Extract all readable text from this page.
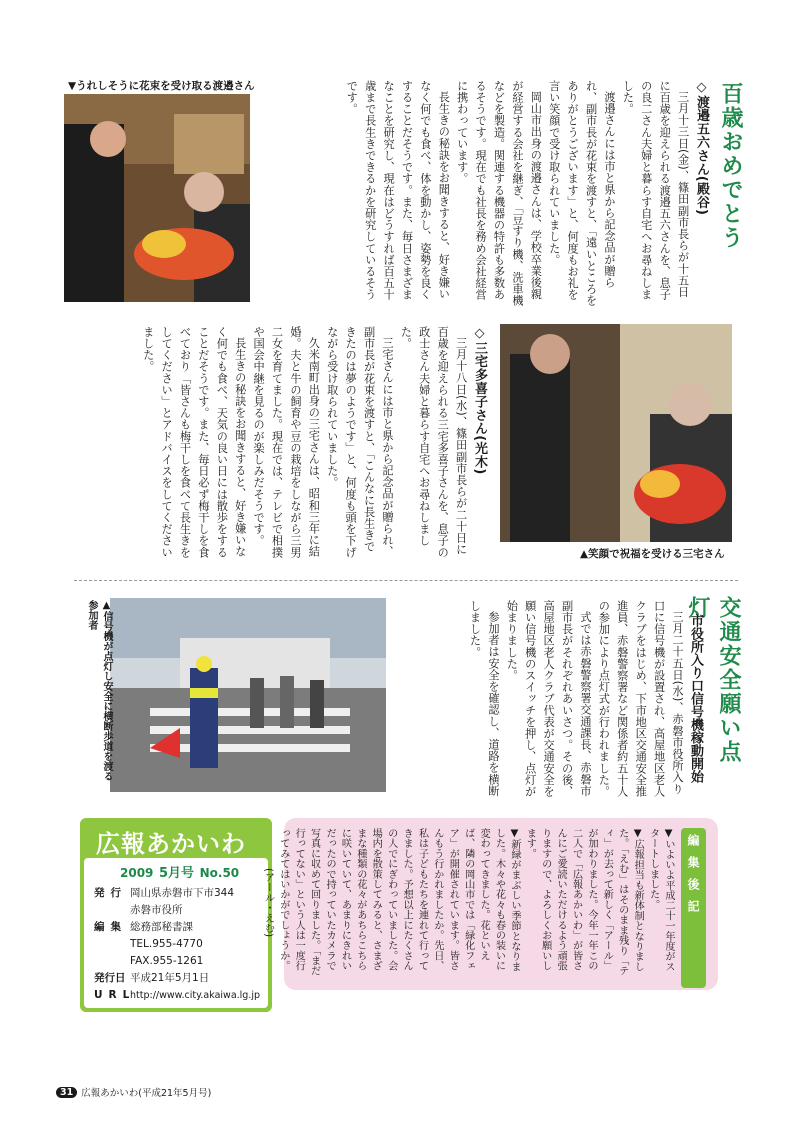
百歳おめでとう

◇渡邉五六さん(殿谷)

三月十三日(金)、篠田副市長らが十五日に百歳を迎えられる渡邉五六さんを、息子の良二さん夫婦と暮らす自宅へお尋ねしました。

渡邉さんには市と県から記念品が贈られ、副市長が花束を渡すと、「遠いところをありがとうございます」と、何度もお礼を言い笑顔で受け取られていました。

岡山市出身の渡邉さんは、学校卒業後親が経営する会社を継ぎ、「豆すり機、洗車機などを製造。関連する機器の特許も多数あるそうです。現在でも社長を務め会社経営に携わっています。

長生きの秘訣をお聞きすると、好き嫌いなく何でも食べ、体を動かし、姿勢を良くすることだそうです。また、毎日さまざまなことを研究し、現在はどうすれば百五十歳まで長生きできるかを研究しているそうです。

▼うれしそうに花束を受け取る渡邉さん
▲笑顔で祝福を受ける三宅さん

◇三宅多喜子さん(光木)

三月十八日(水)、篠田副市長らが二十日に百歳を迎えられる三宅多喜子さんを、息子の政士さん夫婦と暮らす自宅へお尋ねしました。

三宅さんには市と県から記念品が贈られ、副市長が花束を渡すと、「こんなに長生きできたのは夢のようです」と、何度も頭を下げながら受け取られていました。

久米南町出身の三宅さんは、昭和三年に結婚。夫と牛の飼育や豆の栽培をしながら三男二女を育てました。現在では、テレビで相撲や国会中継を見るのが楽しみだそうです。

長生きの秘訣をお聞きすると、好き嫌いなく何でも食べ、天気の良い日には散歩をすることだそうです。また、毎日必ず梅干しを食べており「皆さんも梅干しを食べて長生きをしてください」とアドバイスをしてくださいました。

交通安全願い点灯
市役所入り口信号機稼動開始

三月二十五日(水)、赤磐市役所入り口に信号機が設置され、高屋地区老人クラブをはじめ、下市地区交通安全推進員、赤磐警察署など関係者約五十人の参加により点灯式が行われました。

式では赤磐警察署交通課長、赤磐市副市長がそれぞれあいさつ。その後、高屋地区老人クラブ代表が交通安全を願い信号機のスイッチを押し、点灯が始まりました。

参加者は安全を確認し、道路を横断しました。

▲信号機が点灯し安全に横断歩道を渡る参加者
広報あかいわ
2009 5月号 No.50
発行 岡山県赤磐市下市344
赤磐市役所
編集 総務部秘書課
TEL.955-4770
FAX.955-1261
発行日 平成21年5月1日
URL
http://www.city.akaiwa.lg.jp
編集後記

▼いよいよ平成二十一年度がスタートしました。

▼広報担当も新体制となりました。「えむ」はそのまま残り「ティ」が去って新しく「アール」が加わりました。今年一年この二人で「広報あかいわ」が皆さんにご愛読いただけるよう頑張りますので、よろしくお願いします。

▼新緑がまぶしい季節となりました。木々や花々も春の装いに変わってきました。花といえば、隣の岡山市では「緑化フェア」が開催されています。皆さんもう行かれましたか。先日、私は子どもたちを連れて行ってきました。予想以上にたくさんの人でにぎわっていました。会場内を散策してみると、さまざまな種類の花々があちらこちらに咲いていて、あまりにきれいだったので持っていたカメラで写真に収めて回りました。「まだ行ってない」という人は一度行ってみてはいかがでしょうか。

(アール・えむ)

31 広報あかいわ(平成21年5月号)
